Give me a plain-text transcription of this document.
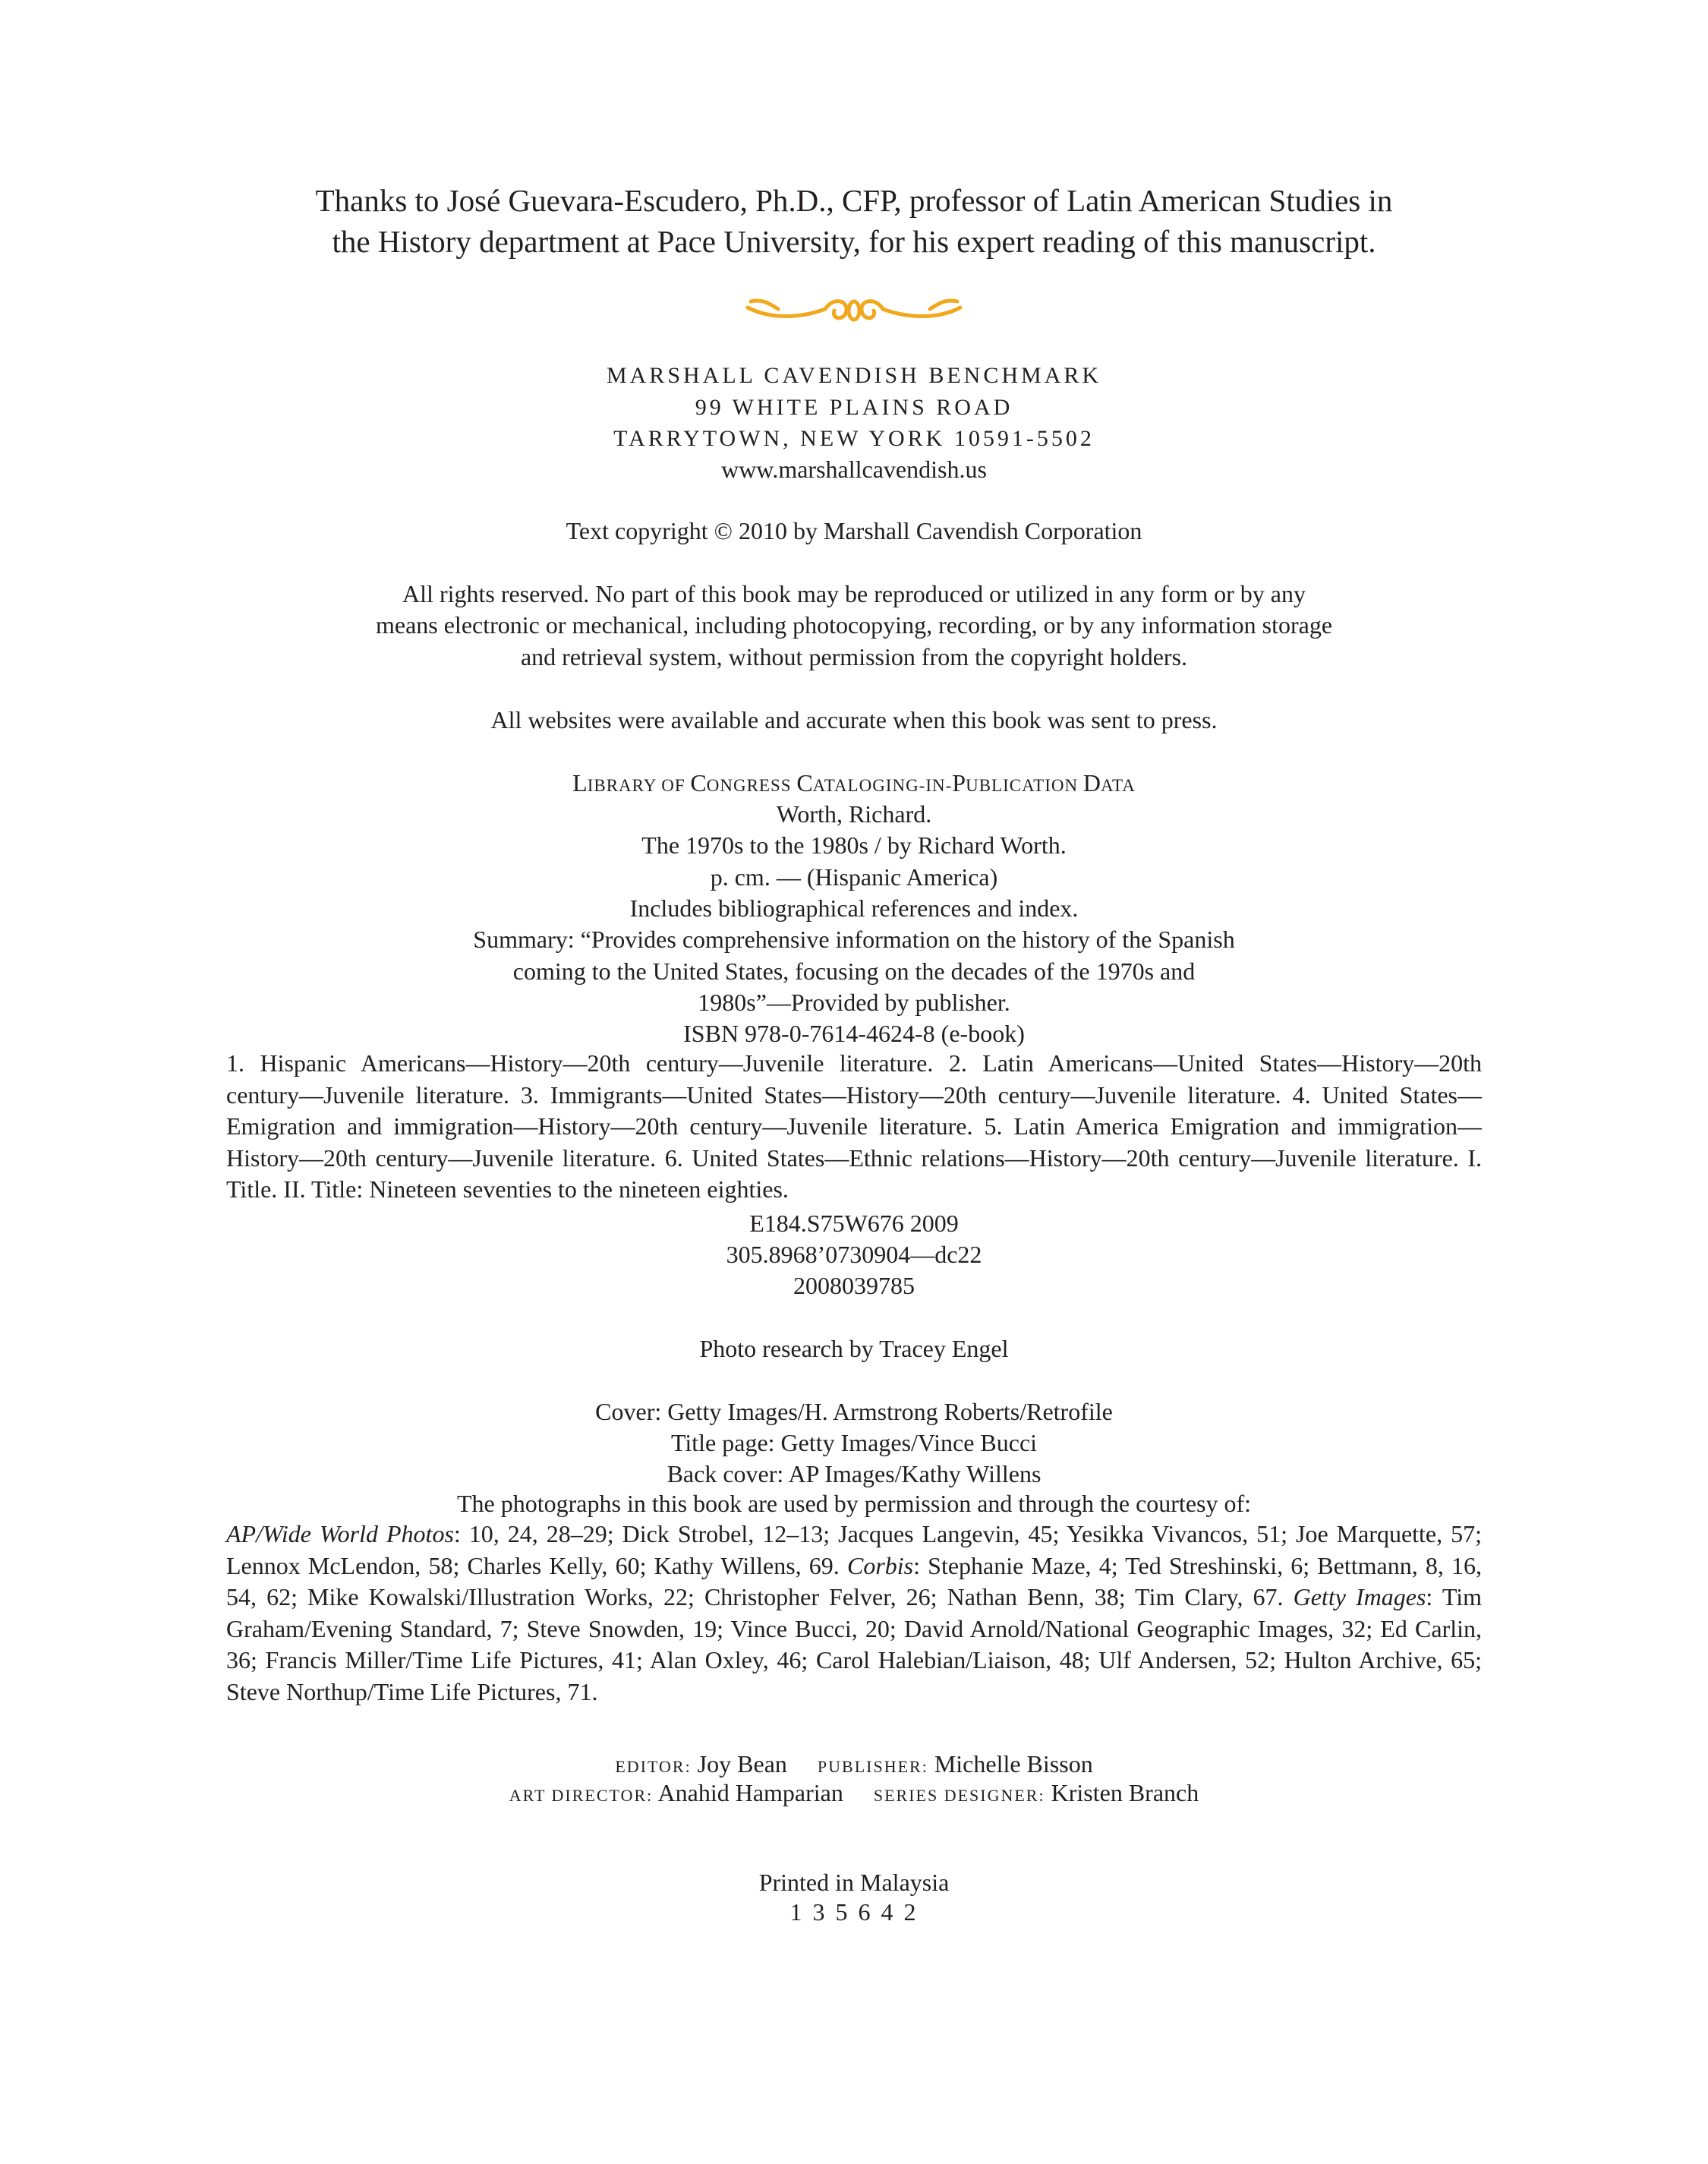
Thanks to José Guevara-Escudero, Ph.D., CFP, professor of Latin American Studies in
the History department at Pace University, for his expert reading of this manuscript.
MARSHALL CAVENDISH BENCHMARK
99 WHITE PLAINS ROAD
TARRYTOWN, NEW YORK 10591-5502
www.marshallcavendish.us
Text copyright © 2010 by Marshall Cavendish Corporation
All rights reserved. No part of this book may be reproduced or utilized in any form or by any
means electronic or mechanical, including photocopying, recording, or by any information storage
and retrieval system, without permission from the copyright holders.
All websites were available and accurate when this book was sent to press.
LIBRARY OF CONGRESS CATALOGING-IN-PUBLICATION DATA
Worth, Richard.
The 1970s to the 1980s / by Richard Worth.
p. cm. — (Hispanic America)
Includes bibliographical references and index.
Summary: “Provides comprehensive information on the history of the Spanish
coming to the United States, focusing on the decades of the 1970s and
1980s”—Provided by publisher.
ISBN 978-0-7614-4624-8 (e-book)
1. Hispanic Americans—History—20th century—Juvenile literature. 2. Latin Americans—United States—History—20th century—Juvenile literature. 3. Immigrants—United States—History—20th century—Juvenile literature. 4. United States—Emigration and immigration—History—20th century—Juvenile literature. 5. Latin America Emigration and immigration—History—20th century—Juvenile literature. 6. United States—Ethnic relations—History—20th century—Juvenile literature. I. Title. II. Title: Nineteen seventies to the nineteen eighties.
E184.S75W676 2009
305.8968’0730904—dc22
2008039785
Photo research by Tracey Engel
Cover: Getty Images/H. Armstrong Roberts/Retrofile
Title page: Getty Images/Vince Bucci
Back cover: AP Images/Kathy Willens
The photographs in this book are used by permission and through the courtesy of:
AP/Wide World Photos: 10, 24, 28–29; Dick Strobel, 12–13; Jacques Langevin, 45; Yesikka Vivancos, 51; Joe Marquette, 57; Lennox McLendon, 58; Charles Kelly, 60; Kathy Willens, 69. Corbis: Stephanie Maze, 4; Ted Streshinski, 6; Bettmann, 8, 16, 54, 62; Mike Kowalski/Illustration Works, 22; Christopher Felver, 26; Nathan Benn, 38; Tim Clary, 67. Getty Images: Tim Graham/Evening Standard, 7; Steve Snowden, 19; Vince Bucci, 20; David Arnold/National Geographic Images, 32; Ed Carlin, 36; Francis Miller/Time Life Pictures, 41; Alan Oxley, 46; Carol Halebian/Liaison, 48; Ulf Andersen, 52; Hulton Archive, 65; Steve Northup/Time Life Pictures, 71.
EDITOR: Joy Bean PUBLISHER: Michelle Bisson
ART DIRECTOR: Anahid Hamparian SERIES DESIGNER: Kristen Branch
Printed in Malaysia
1 3 5 6 4 2
